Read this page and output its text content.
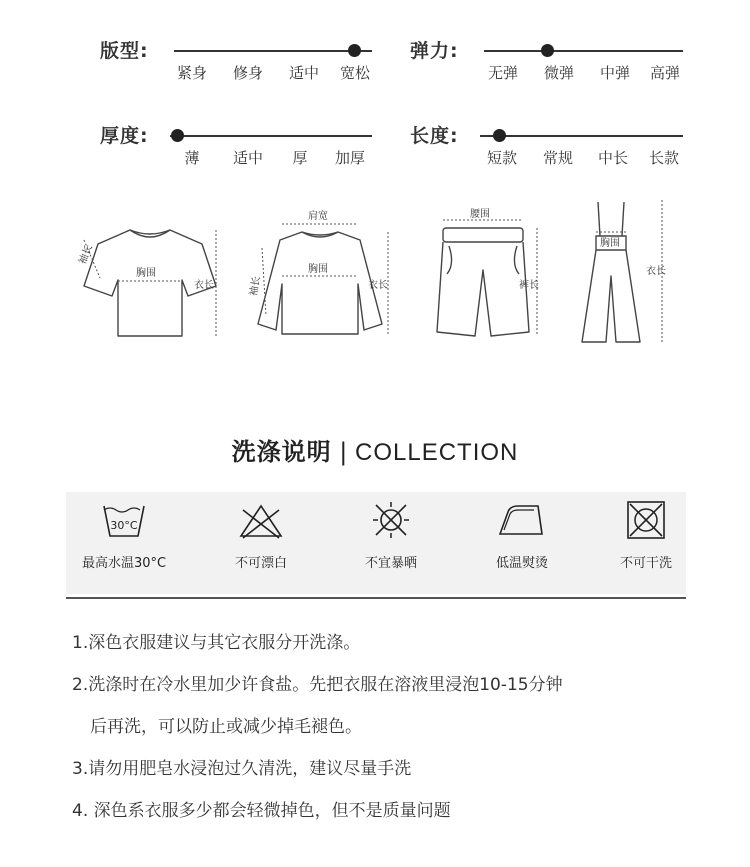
版型:
紧身 修身 适中 宽松
弹力:
无弹 微弹 中弹 高弹
厚度:
薄 适中 厚 加厚
长度:
短款 常规 中长 长款
袖长
胸围
衣长
肩宽
袖长
胸围
衣长
腰围
裤长
胸围
衣长
洗涤说明 | COLLECTION
30°C
最高水温30°C	不可漂白	不宜暴晒	低温熨烫	不可干洗
1.深色衣服建议与其它衣服分开洗涤。
2.洗涤时在冷水里加少许食盐。先把衣服在溶液里浸泡10-15分钟
后再洗，可以防止或减少掉毛褪色。
3.请勿用肥皂水浸泡过久清洗，建议尽量手洗
4. 深色系衣服多少都会轻微掉色，但不是质量问题
